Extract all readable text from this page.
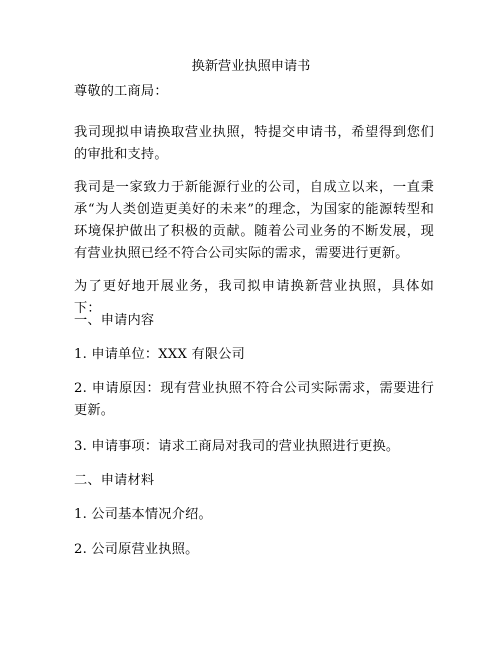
换新营业执照申请书

尊敬的工商局：

我司现拟申请换取营业执照，特提交申请书，希望得到您们的审批和支持。

我司是一家致力于新能源行业的公司，自成立以来，一直秉承“为人类创造更美好的未来”的理念，为国家的能源转型和环境保护做出了积极的贡献。随着公司业务的不断发展，现有营业执照已经不符合公司实际的需求，需要进行更新。

为了更好地开展业务，我司拟申请换新营业执照，具体如下：

一、申请内容

1. 申请单位：XXX 有限公司

2. 申请原因：现有营业执照不符合公司实际需求，需要进行更新。

3. 申请事项：请求工商局对我司的营业执照进行更换。

二、申请材料

1. 公司基本情况介绍。

2. 公司原营业执照。
